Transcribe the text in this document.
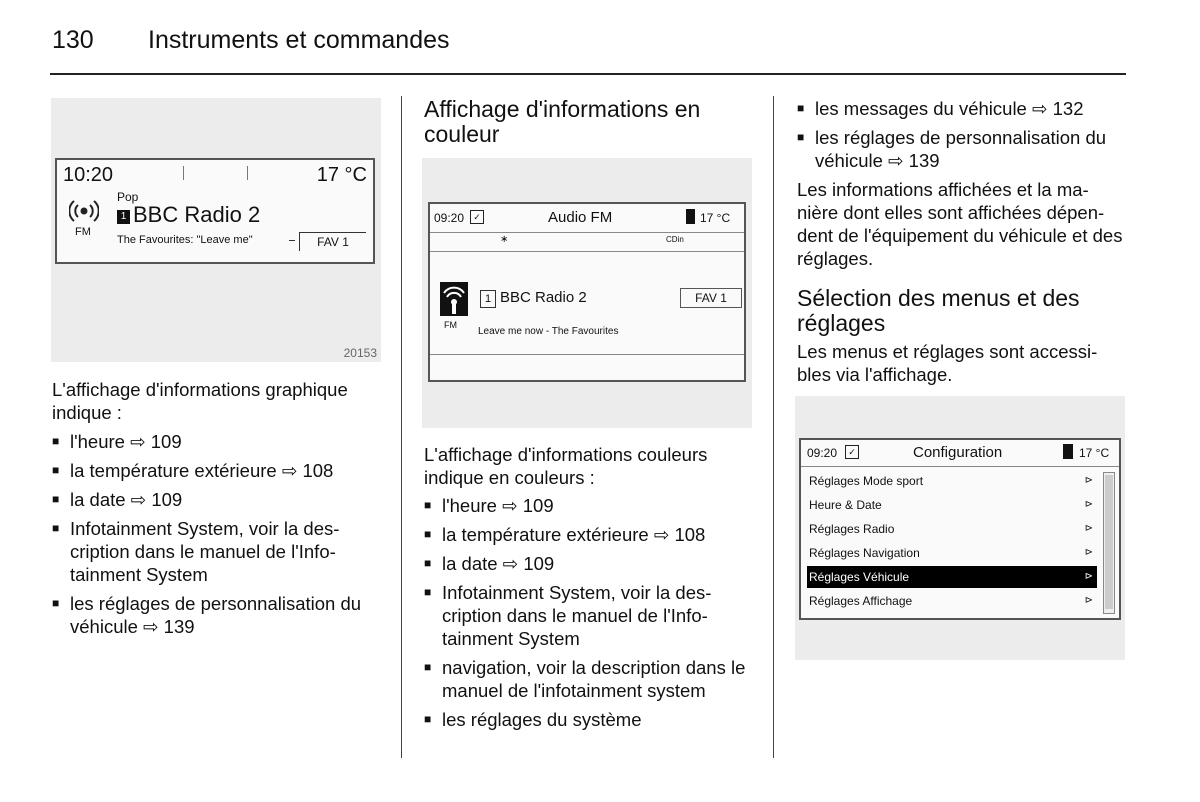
130 Instruments et commandes
10:20	17 °C
Pop
FM
1 BBC Radio 2
The Favourites: "Leave me"	FAV 1
20153
L'affichage d'informations graphique indique :
■ l'heure ⇨ 109
■ la température extérieure ⇨ 108
■ la date ⇨ 109
■ Infotainment System, voir la des-cription dans le manuel de l'Info-tainment System
■ les réglages de personnalisation du véhicule ⇨ 139
Affichage d'informations en couleur
09:20	✓	Audio FM	17 °C
∗	CDin
FM
1 BBC Radio 2	FAV 1
Leave me now - The Favourites
L'affichage d'informations couleurs indique en couleurs :
■ l'heure ⇨ 109
■ la température extérieure ⇨ 108
■ la date ⇨ 109
■ Infotainment System, voir la des-cription dans le manuel de l'Info-tainment System
■ navigation, voir la description dans le manuel de l'infotainment system
■ les réglages du système
■ les messages du véhicule ⇨ 132
■ les réglages de personnalisation du véhicule ⇨ 139
Les informations affichées et la ma-nière dont elles sont affichées dépen-dent de l'équipement du véhicule et des réglages.
Sélection des menus et des réglages
Les menus et réglages sont accessi-bles via l'affichage.
09:20	✓	Configuration	17 °C
Réglages Mode sport	⊳
Heure & Date	⊳
Réglages Radio	⊳
Réglages Navigation	⊳
Réglages Véhicule	⊳
Réglages Affichage	⊳
